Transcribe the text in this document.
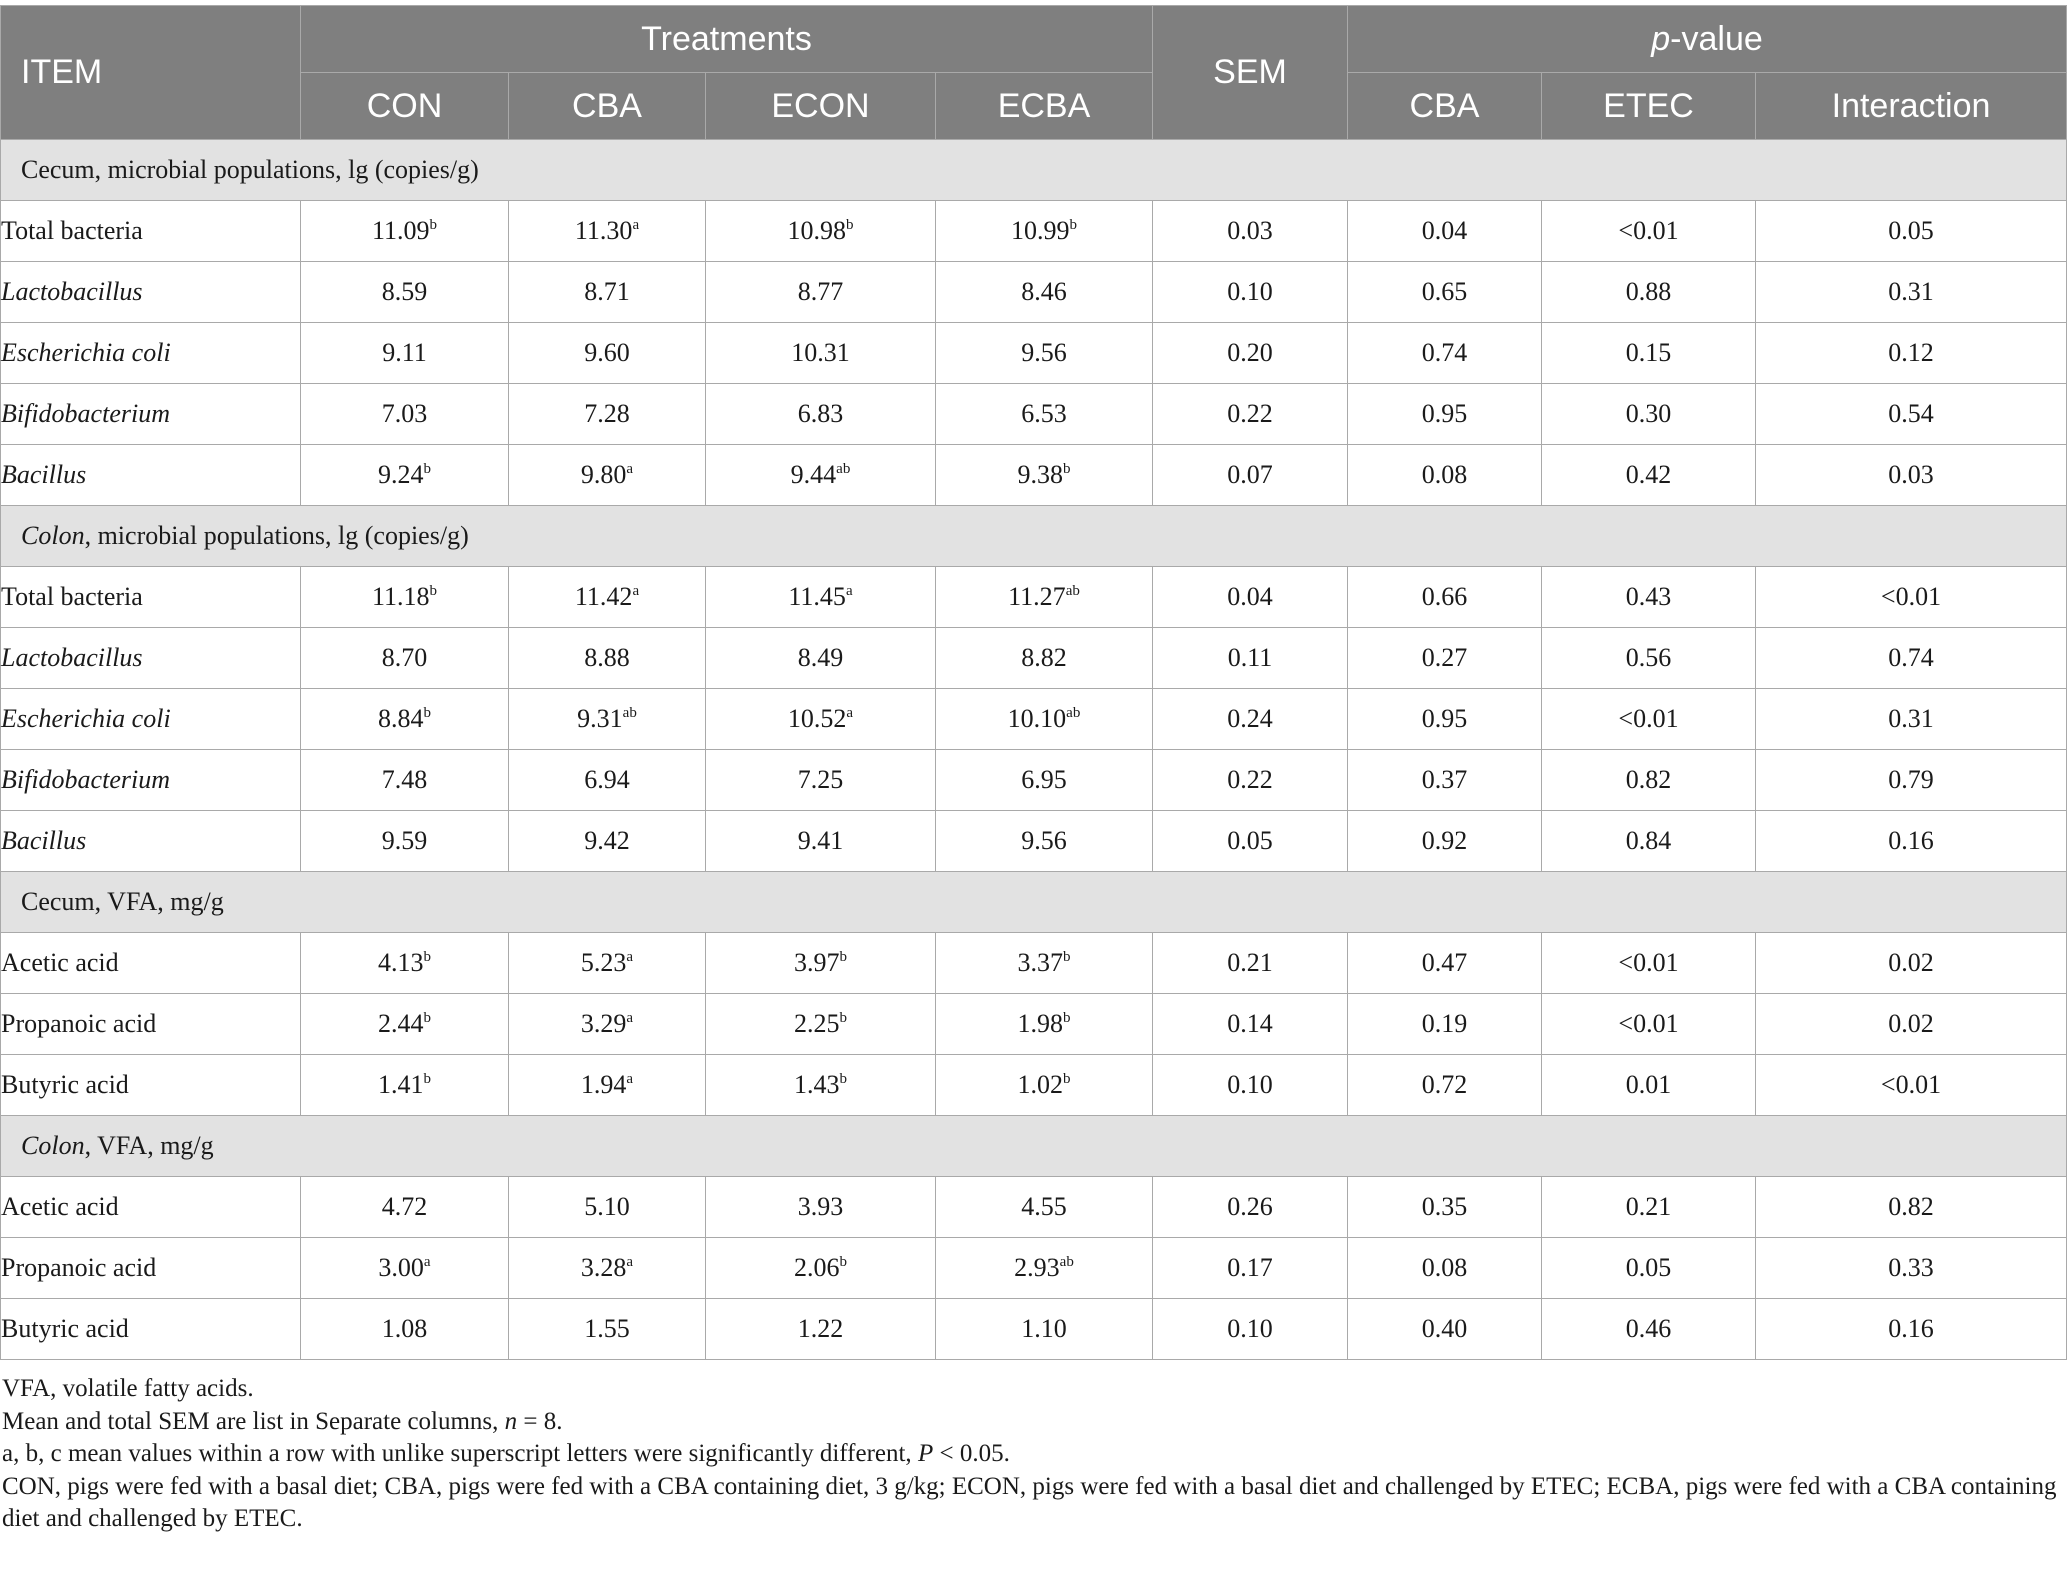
ITEM	Treatments				SEM	p-value		
	CON	CBA	ECON	ECBA		CBA	ETEC	Interaction
Cecum, microbial populations, lg (copies/g)								
Total bacteria	11.09$^b$	11.30$^a$	10.98$^b$	10.99$^b$	0.03	0.04	<0.01	0.05
Lactobacillus	8.59	8.71	8.77	8.46	0.10	0.65	0.88	0.31
Escherichia coli	9.11	9.60	10.31	9.56	0.20	0.74	0.15	0.12
Bifidobacterium	7.03	7.28	6.83	6.53	0.22	0.95	0.30	0.54
Bacillus	9.24$^b$	9.80$^a$	9.44$^{ab}$	9.38$^b$	0.07	0.08	0.42	0.03
Colon, microbial populations, lg (copies/g)								
Total bacteria	11.18$^b$	11.42$^a$	11.45$^a$	11.27$^{ab}$	0.04	0.66	0.43	<0.01
Lactobacillus	8.70	8.88	8.49	8.82	0.11	0.27	0.56	0.74
Escherichia coli	8.84$^b$	9.31$^{ab}$	10.52$^a$	10.10$^{ab}$	0.24	0.95	<0.01	0.31
Bifidobacterium	7.48	6.94	7.25	6.95	0.22	0.37	0.82	0.79
Bacillus	9.59	9.42	9.41	9.56	0.05	0.92	0.84	0.16
Cecum, VFA, mg/g								
Acetic acid	4.13$^b$	5.23$^a$	3.97$^b$	3.37$^b$	0.21	0.47	<0.01	0.02
Propanoic acid	2.44$^b$	3.29$^a$	2.25$^b$	1.98$^b$	0.14	0.19	<0.01	0.02
Butyric acid	1.41$^b$	1.94$^a$	1.43$^b$	1.02$^b$	0.10	0.72	0.01	<0.01
Colon, VFA, mg/g								
Acetic acid	4.72	5.10	3.93	4.55	0.26	0.35	0.21	0.82
Propanoic acid	3.00$^a$	3.28$^a$	2.06$^b$	2.93$^{ab}$	0.17	0.08	0.05	0.33
Butyric acid	1.08	1.55	1.22	1.10	0.10	0.40	0.46	0.16

VFA, volatile fatty acids.

Mean and total SEM are list in Separate columns, n = 8.

a, b, c mean values within a row with unlike superscript letters were significantly different, P < 0.05.

CON, pigs were fed with a basal diet; CBA, pigs were fed with a CBA containing diet, 3 g/kg; ECON, pigs were fed with a basal diet and challenged by ETEC; ECBA, pigs were fed with a CBA containing diet and challenged by ETEC.
